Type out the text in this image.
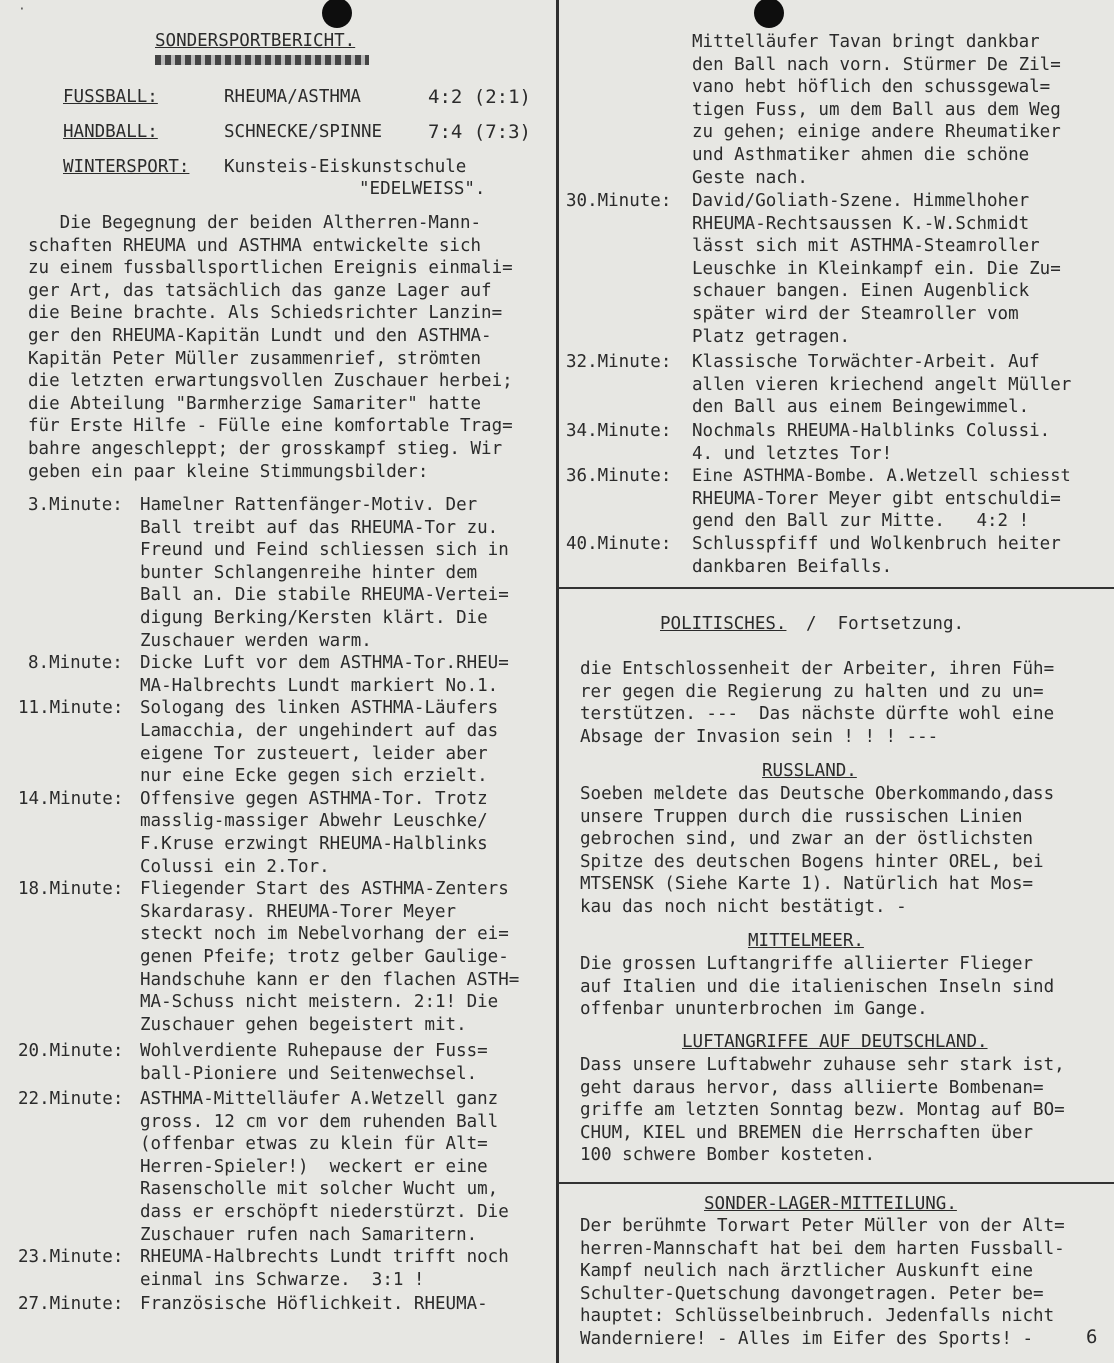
·
SONDERSPORTBERICHT.
FUSSBALL:	RHEUMA/ASTHMA	4:2 (2:1)
HANDBALL:	SCHNECKE/SPINNE 7:4 (7:3)
WINTERSPORT: Kunsteis-Eiskunstschule
"EDELWEISS".
Die Begegnung der beiden Altherren-Mann-
schaften RHEUMA und ASTHMA entwickelte sich
zu einem fussballsportlichen Ereignis einmali=
ger Art, das tatsächlich das ganze Lager auf
die Beine brachte. Als Schiedsrichter Lanzin=
ger den RHEUMA-Kapitän Lundt und den ASTHMA-
Kapitän Peter Müller zusammenrief, strömten
die letzten erwartungsvollen Zuschauer herbei;
die Abteilung "Barmherzige Samariter" hatte
für Erste Hilfe - Fülle eine komfortable Trag=
bahre angeschleppt; der grosskampf stieg. Wir
geben ein paar kleine Stimmungsbilder:
3.Minute: Hamelner Rattenfänger-Motiv. Der
Ball treibt auf das RHEUMA-Tor zu.
Freund und Feind schliessen sich in
bunter Schlangenreihe hinter dem
Ball an. Die stabile RHEUMA-Vertei=
digung Berking/Kersten klärt. Die
Zuschauer werden warm.
8.Minute: Dicke Luft vor dem ASTHMA-Tor.RHEU=
MA-Halbrechts Lundt markiert No.1.
11.Minute: Sologang des linken ASTHMA-Läufers
Lamacchia, der ungehindert auf das
eigene Tor zusteuert, leider aber
nur eine Ecke gegen sich erzielt.
14.Minute: Offensive gegen ASTHMA-Tor. Trotz
masslig-massiger Abwehr Leuschke/
F.Kruse erzwingt RHEUMA-Halblinks
Colussi ein 2.Tor.
18.Minute: Fliegender Start des ASTHMA-Zenters
Skardarasy. RHEUMA-Torer Meyer
steckt noch im Nebelvorhang der ei=
genen Pfeife; trotz gelber Gaulige-
Handschuhe kann er den flachen ASTH=
MA-Schuss nicht meistern. 2:1! Die
Zuschauer gehen begeistert mit.
20.Minute: Wohlverdiente Ruhepause der Fuss=
ball-Pioniere und Seitenwechsel.
22.Minute: ASTHMA-Mittelläufer A.Wetzell ganz
gross. 12 cm vor dem ruhenden Ball
(offenbar etwas zu klein für Alt=
Herren-Spieler!)  weckert er eine
Rasenscholle mit solcher Wucht um,
dass er erschöpft niederstürzt. Die
Zuschauer rufen nach Samaritern.
23.Minute: RHEUMA-Halbrechts Lundt trifft noch
einmal ins Schwarze.  3:1 !
27.Minute: Französische Höflichkeit. RHEUMA-
Mittelläufer Tavan bringt dankbar
den Ball nach vorn. Stürmer De Zil=
vano hebt höflich den schussgewal=
tigen Fuss, um dem Ball aus dem Weg
zu gehen; einige andere Rheumatiker
und Asthmatiker ahmen die schöne
Geste nach.
30.Minute: David/Goliath-Szene. Himmelhoher
RHEUMA-Rechtsaussen K.-W.Schmidt
lässt sich mit ASTHMA-Steamroller
Leuschke in Kleinkampf ein. Die Zu=
schauer bangen. Einen Augenblick
später wird der Steamroller vom
Platz getragen.
32.Minute: Klassische Torwächter-Arbeit. Auf
allen vieren kriechend angelt Müller
den Ball aus einem Beingewimmel.
34.Minute: Nochmals RHEUMA-Halblinks Colussi.
4. und letztes Tor!
36.Minute: Eine ASTHMA-Bombe. A.Wetzell schiesst
RHEUMA-Torer Meyer gibt entschuldi=
gend den Ball zur Mitte.   4:2 !
40.Minute: Schlusspfiff und Wolkenbruch heiter
dankbaren Beifalls.
POLITISCHES. /  Fortsetzung.
die Entschlossenheit der Arbeiter, ihren Füh=
rer gegen die Regierung zu halten und zu un=
terstützen. ---  Das nächste dürfte wohl eine
Absage der Invasion sein ! ! ! ---
RUSSLAND.
Soeben meldete das Deutsche Oberkommando,dass
unsere Truppen durch die russischen Linien
gebrochen sind, und zwar an der östlichsten
Spitze des deutschen Bogens hinter OREL, bei
MTSENSK (Siehe Karte 1). Natürlich hat Mos=
kau das noch nicht bestätigt. -
MITTELMEER.
Die grossen Luftangriffe alliierter Flieger
auf Italien und die italienischen Inseln sind
offenbar ununterbrochen im Gange.
LUFTANGRIFFE AUF DEUTSCHLAND.
Dass unsere Luftabwehr zuhause sehr stark ist,
geht daraus hervor, dass alliierte Bombenan=
griffe am letzten Sonntag bezw. Montag auf BO=
CHUM, KIEL und BREMEN die Herrschaften über
100 schwere Bomber kosteten.
SONDER-LAGER-MITTEILUNG.
Der berühmte Torwart Peter Müller von der Alt=
herren-Mannschaft hat bei dem harten Fussball-
Kampf neulich nach ärztlicher Auskunft eine
Schulter-Quetschung davongetragen. Peter be=
hauptet: Schlüsselbeinbruch. Jedenfalls nicht
Wanderniere! - Alles im Eifer des Sports! -	6
